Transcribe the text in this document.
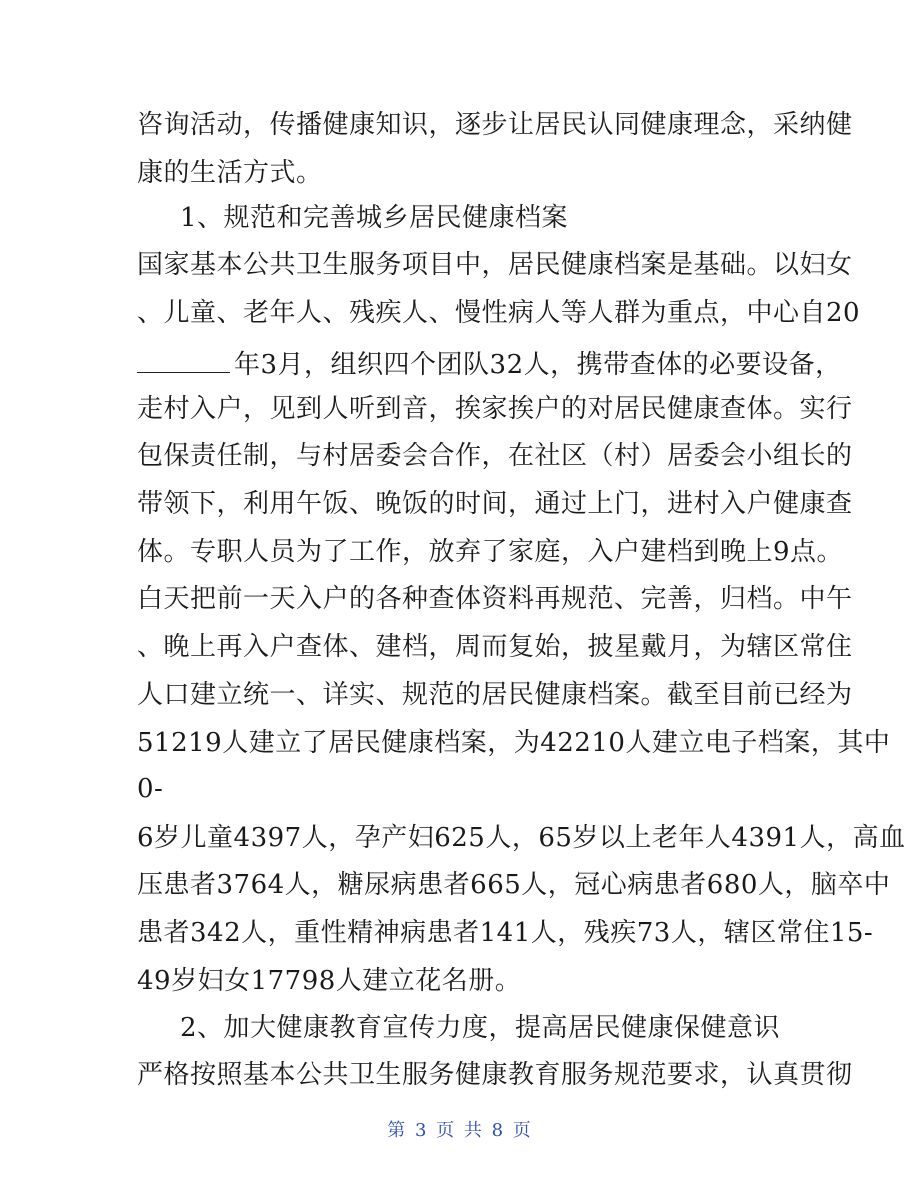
咨询活动，传播健康知识，逐步让居民认同健康理念，采纳健
康的生活方式。
1、规范和完善城乡居民健康档案
国家基本公共卫生服务项目中，居民健康档案是基础。以妇女
、儿童、老年人、残疾人、慢性病人等人群为重点，中心自20
年3月，组织四个团队32人，携带查体的必要设备，
走村入户，见到人听到音，挨家挨户的对居民健康查体。实行
包保责任制，与村居委会合作，在社区（村）居委会小组长的
带领下，利用午饭、晚饭的时间，通过上门，进村入户健康查
体。专职人员为了工作，放弃了家庭，入户建档到晚上9点。
白天把前一天入户的各种查体资料再规范、完善，归档。中午
、晚上再入户查体、建档，周而复始，披星戴月，为辖区常住
人口建立统一、详实、规范的居民健康档案。截至目前已经为
51219人建立了居民健康档案，为42210人建立电子档案，其中
0-
6岁儿童4397人，孕产妇625人，65岁以上老年人4391人，高血
压患者3764人，糖尿病患者665人，冠心病患者680人，脑卒中
患者342人，重性精神病患者141人，残疾73人，辖区常住15-
49岁妇女17798人建立花名册。
2、加大健康教育宣传力度，提高居民健康保健意识
严格按照基本公共卫生服务健康教育服务规范要求，认真贯彻
第 3 页 共 8 页
